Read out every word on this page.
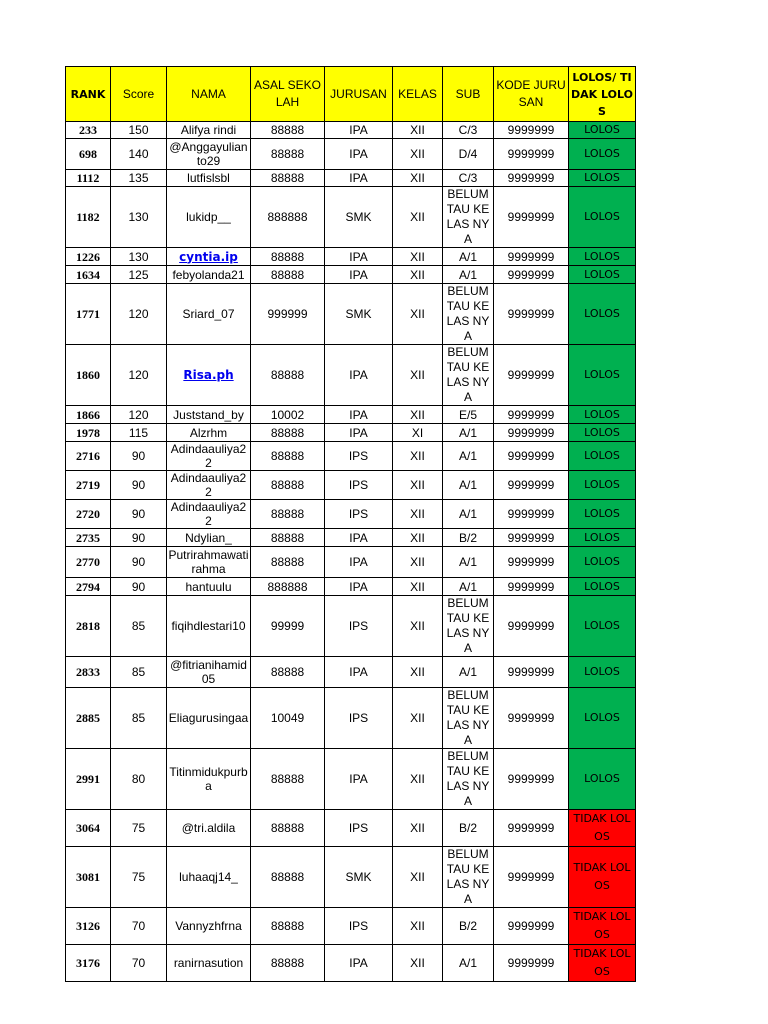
RANK	Score	NAMA	ASAL SEKOLAH	JURUSAN	KELAS	SUB	KODE JURUSAN	LOLOS/ TIDAK LOLOS
233	150	Alifya rindi	88888	IPA	XII	C/3	9999999	LOLOS
698	140	@Anggayulianto29	88888	IPA	XII	D/4	9999999	LOLOS
1112	135	lutfislsbl	88888	IPA	XII	C/3	9999999	LOLOS
1182	130	lukidp__	888888	SMK	XII	BELUM TAU KELAS NYA	9999999	LOLOS
1226	130	cyntia.ip	88888	IPA	XII	A/1	9999999	LOLOS
1634	125	febyolanda21	88888	IPA	XII	A/1	9999999	LOLOS
1771	120	Sriard_07	999999	SMK	XII	BELUM TAU KELAS NYA	9999999	LOLOS
1860	120	Risa.ph	88888	IPA	XII	BELUM TAU KELAS NYA	9999999	LOLOS
1866	120	Juststand_by	10002	IPA	XII	E/5	9999999	LOLOS
1978	115	Alzrhm	88888	IPA	XI	A/1	9999999	LOLOS
2716	90	Adindaauliya22	88888	IPS	XII	A/1	9999999	LOLOS
2719	90	Adindaauliya22	88888	IPS	XII	A/1	9999999	LOLOS
2720	90	Adindaauliya22	88888	IPS	XII	A/1	9999999	LOLOS
2735	90	Ndylian_	88888	IPA	XII	B/2	9999999	LOLOS
2770	90	Putrirahmawatirahma	88888	IPA	XII	A/1	9999999	LOLOS
2794	90	hantuulu	888888	IPA	XII	A/1	9999999	LOLOS
2818	85	fiqihdlestari10	99999	IPS	XII	BELUM TAU KELAS NYA	9999999	LOLOS
2833	85	@fitrianihamid05	88888	IPA	XII	A/1	9999999	LOLOS
2885	85	Eliagurusingaa	10049	IPS	XII	BELUM TAU KELAS NYA	9999999	LOLOS
2991	80	Titinmidukpurba	88888	IPA	XII	BELUM TAU KELAS NYA	9999999	LOLOS
3064	75	@tri.aldila	88888	IPS	XII	B/2	9999999	TIDAK LOLOS
3081	75	luhaaqj14_	88888	SMK	XII	BELUM TAU KELAS NYA	9999999	TIDAK LOLOS
3126	70	Vannyzhfrna	88888	IPS	XII	B/2	9999999	TIDAK LOLOS
3176	70	ranirnasution	88888	IPA	XII	A/1	9999999	TIDAK LOLOS
